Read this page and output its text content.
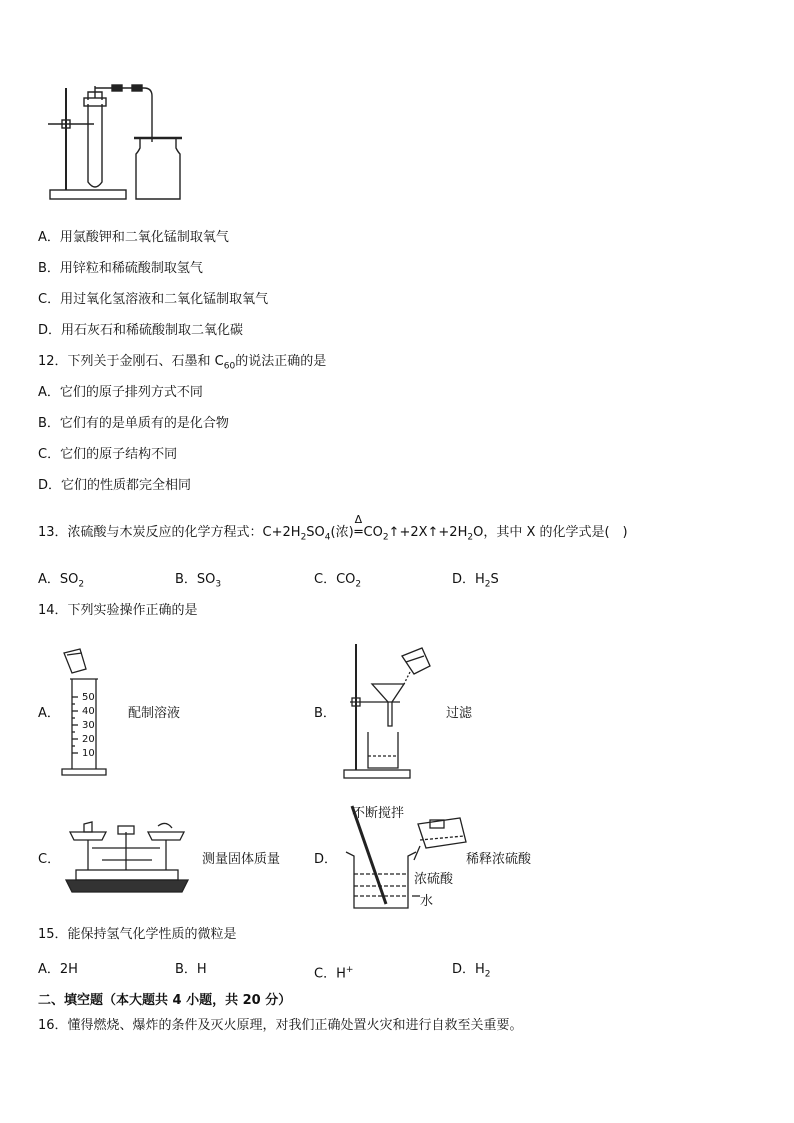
A．用氯酸钾和二氧化锰制取氧气
B．用锌粒和稀硫酸制取氢气
C．用过氧化氢溶液和二氧化锰制取氧气
D．用石灰石和稀硫酸制取二氧化碳
12．下列关于金刚石、石墨和 $C_{60}$的说法正确的是
A．它们的原子排列方式不同
B．它们有的是单质有的是化合物
C．它们的原子结构不同
D．它们的性质都完全相同
13．浓硫酸与木炭反应的化学方程式：$C+2H_2SO_4$(浓)
Δ
$═CO_2↑+2X↑+2H_2O$，其中 X 的化学式是(　)
A．$SO_2$	B．$SO_3$	C．$CO_2$	D．$H_2S$
14．下列实验操作正确的是
A．
50
40
30
20
10
配制溶液	B．	过滤
C．	测量固体质量	D．
不断搅拌
稀释浓硫酸
浓硫酸
水
15．能保持氢气化学性质的微粒是
A．2H	B．H	C．H+	D．$H_2$
二、填空题（本大题共 4 小题，共 20 分）
16．懂得燃烧、爆炸的条件及灭火原理，对我们正确处置火灾和进行自救至关重要。
